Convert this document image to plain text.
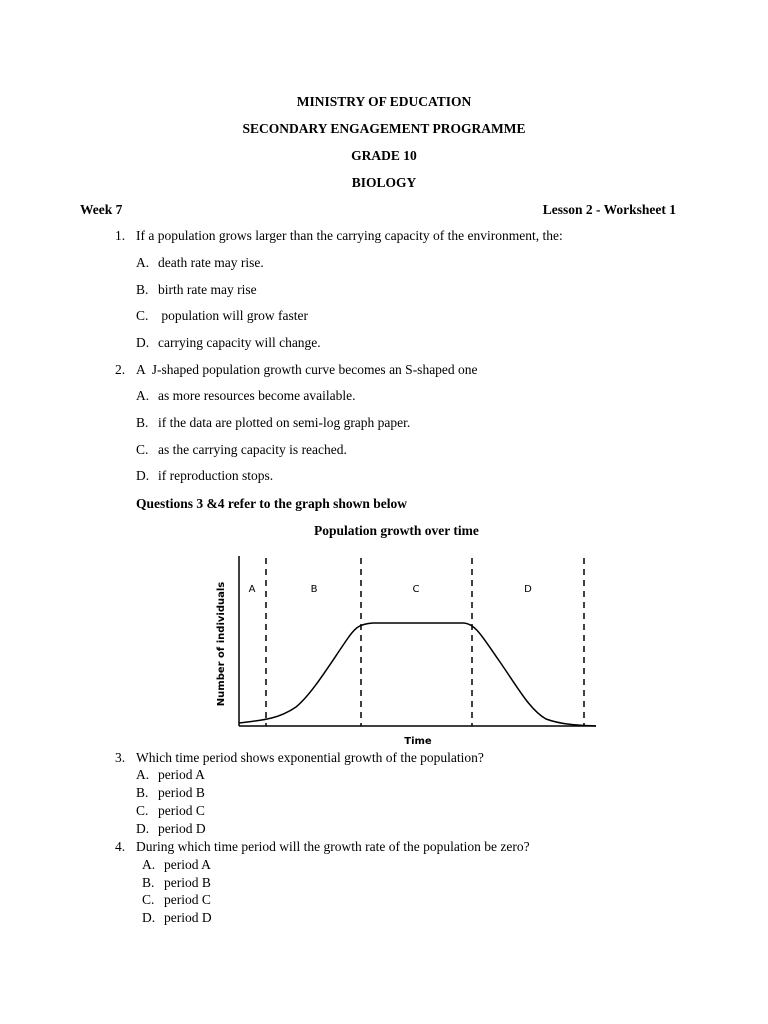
MINISTRY OF EDUCATION
SECONDARY ENGAGEMENT PROGRAMME
GRADE 10
BIOLOGY
Week 7	Lesson 2 - Worksheet 1
1. If a population grows larger than the carrying capacity of the environment, the:
A. death rate may rise.
B. birth rate may rise
C. population will grow faster
D. carrying capacity will change.
2. A  J-shaped population growth curve becomes an S-shaped one
A. as more resources become available.
B. if the data are plotted on semi-log graph paper.
C. as the carrying capacity is reached.
D. if reproduction stops.
Questions 3 &4 refer to the graph shown below
Population growth over time
A	B	C	D
Number of individuals
Time
3. Which time period shows exponential growth of the population?
A. period A
B. period B
C. period C
D. period D
4. During which time period will the growth rate of the population be zero?
A. period A
B. period B
C. period C
D. period D
